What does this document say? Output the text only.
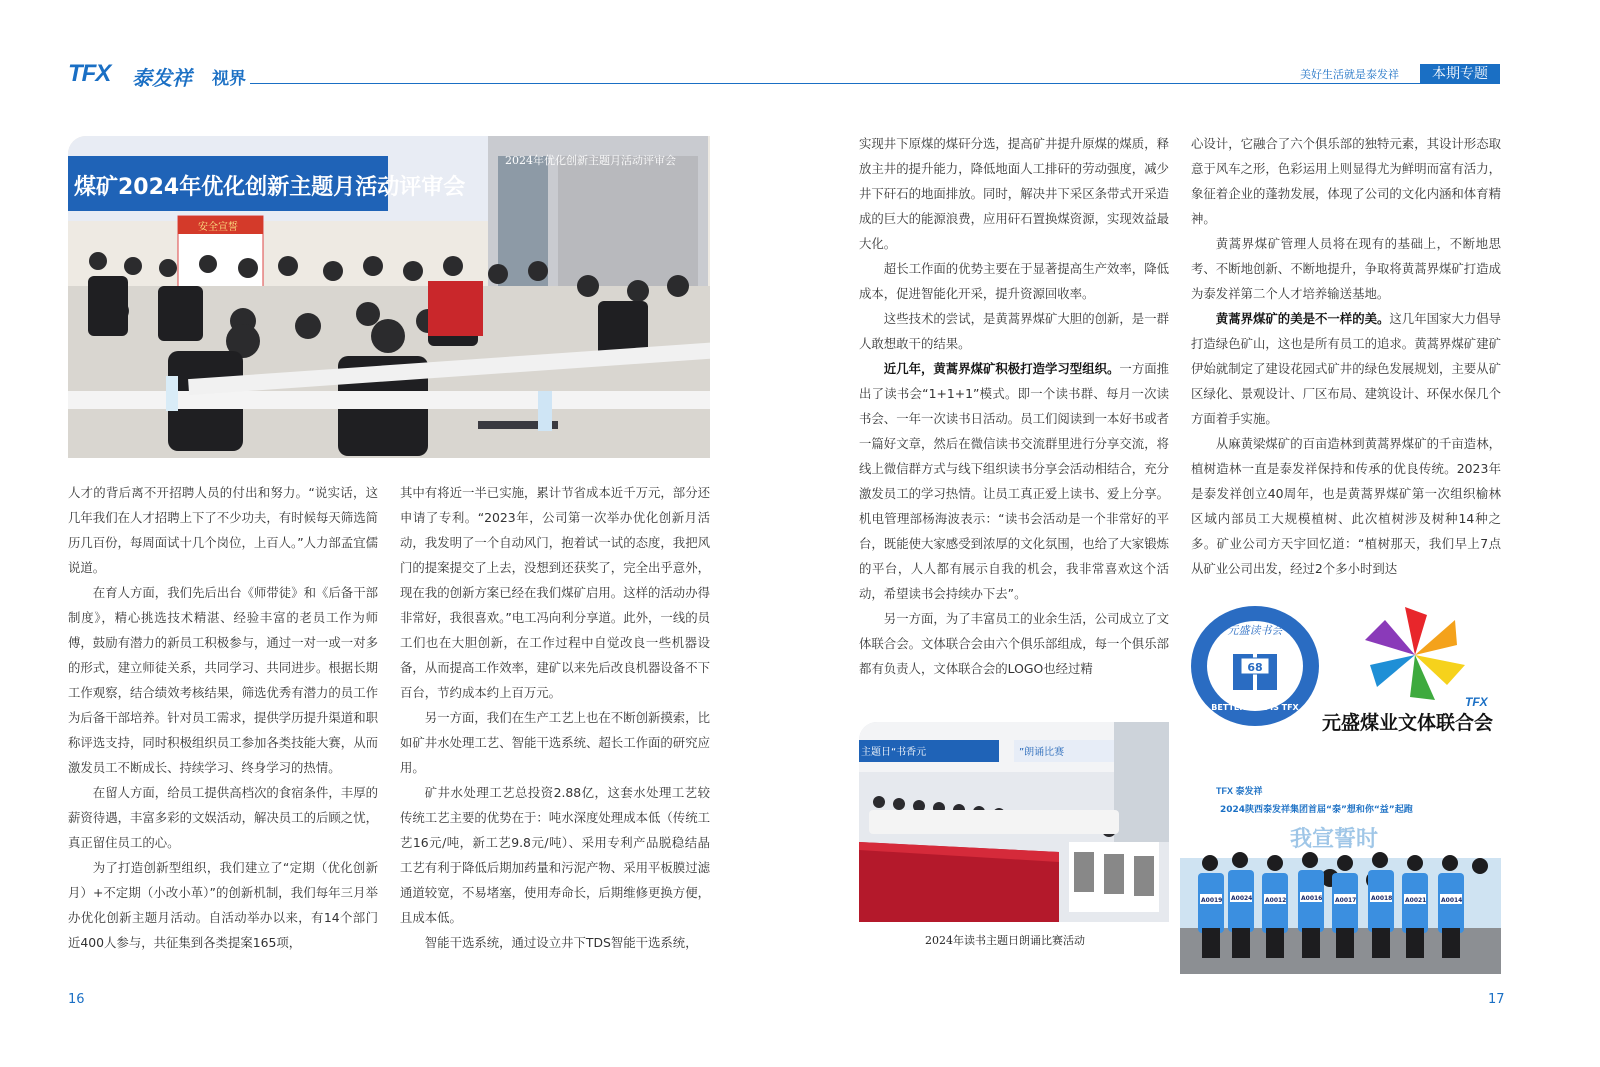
TFX 泰发祥 视界	美好生活就是泰发祥	本期专题
煤矿2024年优化创新主题月活动评审会
安全宣誓
2024年优化创新主题月活动评审会

人才的背后离不开招聘人员的付出和努力。“说实话，这几年我们在人才招聘上下了不少功夫，有时候每天筛选简历几百份，每周面试十几个岗位，上百人。”人力部孟宜儒说道。

在育人方面，我们先后出台《师带徒》和《后备干部制度》，精心挑选技术精湛、经验丰富的老员工作为师傅，鼓励有潜力的新员工积极参与，通过一对一或一对多的形式，建立师徒关系，共同学习、共同进步。根据长期工作观察，结合绩效考核结果，筛选优秀有潜力的员工作为后备干部培养。针对员工需求，提供学历提升渠道和职称评选支持，同时积极组织员工参加各类技能大赛，从而激发员工不断成长、持续学习、终身学习的热情。

在留人方面，给员工提供高档次的食宿条件，丰厚的薪资待遇，丰富多彩的文娱活动，解决员工的后顾之忧，真正留住员工的心。

为了打造创新型组织，我们建立了“定期（优化创新月）+不定期（小改小革）”的创新机制，我们每年三月举办优化创新主题月活动。自活动举办以来，有14个部门近400人参与，共征集到各类提案165项，

其中有将近一半已实施，累计节省成本近千万元，部分还申请了专利。“2023年，公司第一次举办优化创新月活动，我发明了一个自动风门，抱着试一试的态度，我把风门的提案提交了上去，没想到还获奖了，完全出乎意外，现在我的创新方案已经在我们煤矿启用。这样的活动办得非常好，我很喜欢。”电工冯向利分享道。此外，一线的员工们也在大胆创新，在工作过程中自觉改良一些机器设备，从而提高工作效率，建矿以来先后改良机器设备不下百台，节约成本约上百万元。

另一方面，我们在生产工艺上也在不断创新摸索，比如矿井水处理工艺、智能干选系统、超长工作面的研究应用。

矿井水处理工艺总投资2.88亿，这套水处理工艺较传统工艺主要的优势在于：吨水深度处理成本低（传统工艺16元/吨，新工艺9.8元/吨）、采用专利产品脱稳结晶工艺有利于降低后期加药量和污泥产物、采用平板膜过滤通道较宽，不易堵塞，使用寿命长，后期维修更换方便，且成本低。

智能干选系统，通过设立井下TDS智能干选系统，

实现井下原煤的煤矸分选，提高矿井提升原煤的煤质，释放主井的提升能力，降低地面人工排矸的劳动强度，减少井下矸石的地面排放。同时，解决井下采区条带式开采造成的巨大的能源浪费，应用矸石置换煤资源，实现效益最大化。

超长工作面的优势主要在于显著提高生产效率，降低成本，促进智能化开采，提升资源回收率。

这些技术的尝试，是黄蒿界煤矿大胆的创新，是一群人敢想敢干的结果。

近几年，黄蒿界煤矿积极打造学习型组织。一方面推出了读书会“1+1+1”模式。即一个读书群、每月一次读书会、一年一次读书日活动。员工们阅读到一本好书或者一篇好文章，然后在微信读书交流群里进行分享交流，将线上微信群方式与线下组织读书分享会活动相结合，充分激发员工的学习热情。让员工真正爱上读书、爱上分享。机电管理部杨海波表示：“读书会活动是一个非常好的平台，既能使大家感受到浓厚的文化氛围，也给了大家锻炼的平台，人人都有展示自我的机会，我非常喜欢这个活动，希望读书会持续办下去”。

另一方面，为了丰富员工的业余生活，公司成立了文体联合会。文体联合会由六个俱乐部组成，每一个俱乐部都有负责人，文体联合会的LOGO也经过精

主题日“书香元	”朗诵比赛
2024年读书主题日朗诵比赛活动

心设计，它融合了六个俱乐部的独特元素，其设计形态取意于风车之形，色彩运用上则显得尤为鲜明而富有活力，象征着企业的蓬勃发展，体现了公司的文化内涵和体育精神。

黄蒿界煤矿管理人员将在现有的基础上，不断地思考、不断地创新、不断地提升，争取将黄蒿界煤矿打造成为泰发祥第二个人才培养输送基地。

黄蒿界煤矿的美是不一样的美。这几年国家大力倡导打造绿色矿山，这也是所有员工的追求。黄蒿界煤矿建矿伊始就制定了建设花园式矿井的绿色发展规划，主要从矿区绿化、景观设计、厂区布局、建筑设计、环保水保几个方面着手实施。

从麻黄梁煤矿的百亩造林到黄蒿界煤矿的千亩造林，植树造林一直是泰发祥保持和传承的优良传统。2023年是泰发祥创立40周年，也是黄蒿界煤矿第一次组织榆林区域内部员工大规模植树、此次植树涉及树种14种之多。矿业公司方天宇回忆道：“植树那天，我们早上7点从矿业公司出发，经过2个多小时到达

元盛读书会
68
BETTER LIFE IS TFX	TFX
元盛煤业文体联合会
TFX 泰发祥
2024陕西泰发祥集团首届“泰”想和你“益”起跑
我宣誓时
A0019 A0024 A0012 A0016 A0017 A0018 A0021 A0014
16	17
